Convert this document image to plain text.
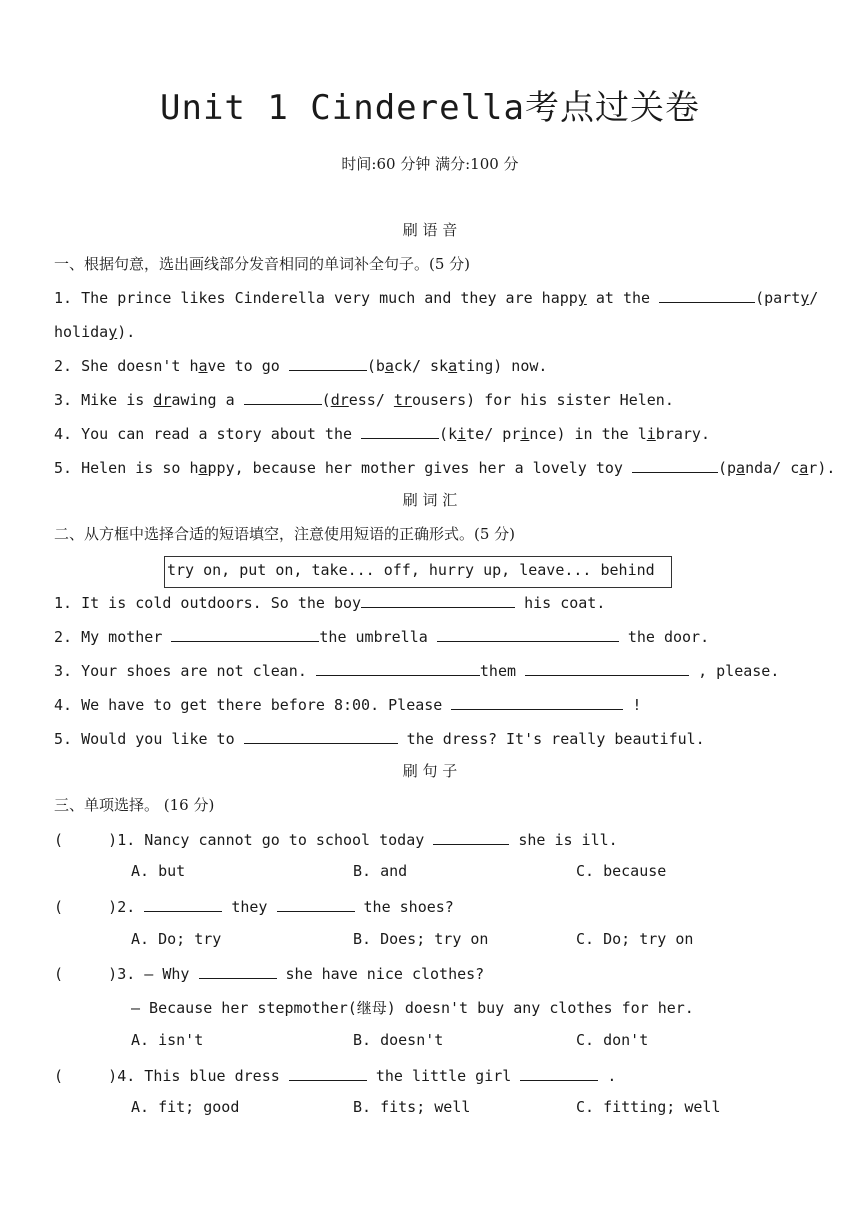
Unit 1 Cinderella考点过关卷
时间:60 分钟 满分:100 分
刷 语 音
一、根据句意，选出画线部分发音相同的单词补全句子。(5 分)
1. The prince likes Cinderella very much and they are happy at the	(party/
holiday).
2. She doesn't have to go	(back/ skating) now.
3. Mike is drawing a	(dress/ trousers) for his sister Helen.
4. You can read a story about the	(kite/ prince) in the library.
5. Helen is so happy, because her mother gives her a lovely toy	(panda/ car).
刷 词 汇
二、从方框中选择合适的短语填空，注意使用短语的正确形式。(5 分)
try on, put on, take... off, hurry up, leave... behind
1. It is cold outdoors. So the boy	his coat.
2. My mother	the umbrella	the door.
3. Your shoes are not clean.	them	, please.
4. We have to get there before 8:00. Please	!
5. Would you like to	the dress? It's really beautiful.
刷 句 子
三、单项选择。 (16 分)
(     )1. Nancy cannot go to school today	she is ill.
A. but	B. and	C. because
(     )2.	they	the shoes?
A. Do; try	B. Does; try on	C. Do; try on
(     )3. — Why	she have nice clothes?
— Because her stepmother(继母) doesn't buy any clothes for her.
A. isn't	B. doesn't	C. don't
(     )4. This blue dress	the little girl	.
A. fit; good	B. fits; well	C. fitting; well
